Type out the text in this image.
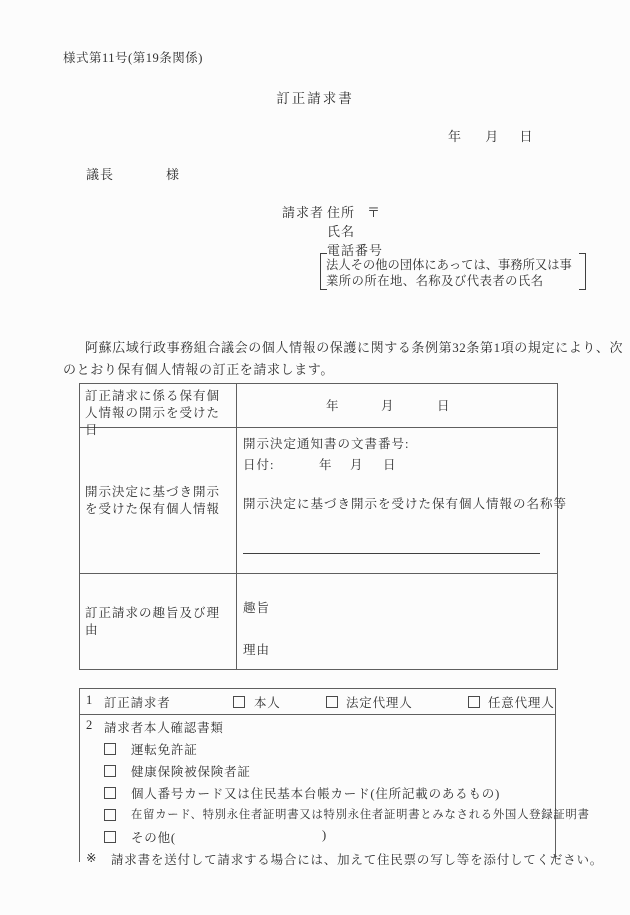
様式第11号(第19条関係)
訂正請求書
年 月 日
議長	様
請求者 住所 〒
氏名
電話番号
法人その他の団体にあっては、事務所又は事
業所の所在地、名称及び代表者の氏名
阿蘇広域行政事務組合議会の個人情報の保護に関する条例第32条第1項の規定により、次
のとおり保有個人情報の訂正を請求します。
訂正請求に係る保有個人情報の開示を受けた日
年	月	日
開示決定に基づき開示を受けた保有個人情報
開示決定通知書の文書番号:
日付:	年 月 日
開示決定に基づき開示を受けた保有個人情報の名称等
訂正請求の趣旨及び理由
趣旨
理由
1 訂正請求者	本人	法定代理人	任意代理人
2 請求者本人確認書類
運転免許証
健康保険被保険者証
個人番号カード又は住民基本台帳カード(住所記載のあるもの)
在留カード、特別永住者証明書又は特別永住者証明書とみなされる外国人登録証明書
その他(	)
※ 請求書を送付して請求する場合には、加えて住民票の写し等を添付してください。
